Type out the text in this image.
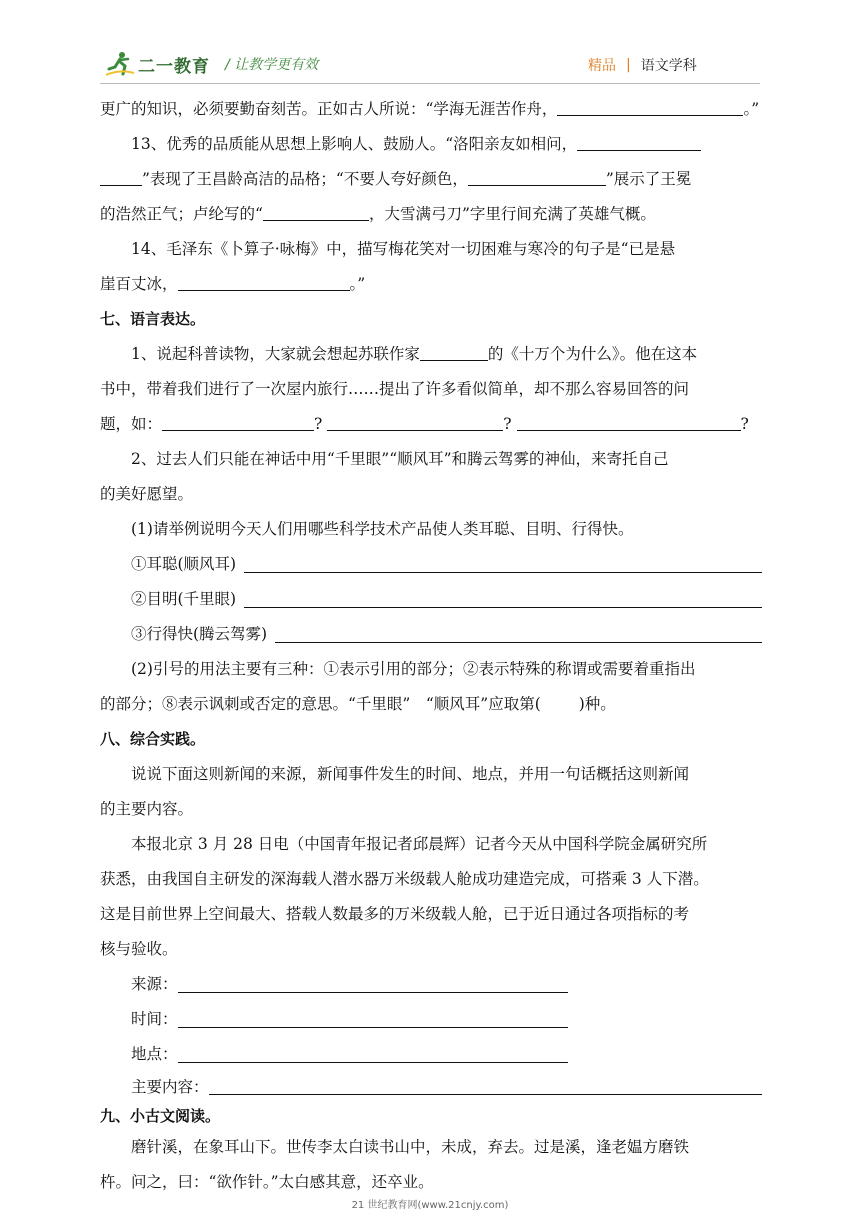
二一教育 / 让教学更有效	精品 | 语文学科

更广的知识，必须要勤奋刻苦。正如古人所说：“学海无涯苦作舟，	。”

13、优秀的品质能从思想上影响人、鼓励人。“洛阳亲友如相问，

”表现了王昌龄高洁的品格；“不要人夸好颜色，	”展示了王冕

的浩然正气；卢纶写的“	，大雪满弓刀”字里行间充满了英雄气概。

14、毛泽东《卜算子·咏梅》中，描写梅花笑对一切困难与寒冷的句子是“已是悬

崖百丈冰，	。”

七、语言表达。

1、说起科普读物，大家就会想起苏联作家	的《十万个为什么》。他在这本

书中，带着我们进行了一次屋内旅行……提出了许多看似简单，却不那么容易回答的问

题，如：	?	?	?

2、过去人们只能在神话中用“千里眼”“顺风耳”和腾云驾雾的神仙，来寄托自己

的美好愿望。

(1)请举例说明今天人们用哪些科学技术产品使人类耳聪、目明、行得快。

①耳聪(顺风耳)
②目明(千里眼)
③行得快(腾云驾雾)

(2)引号的用法主要有三种：①表示引用的部分；②表示特殊的称谓或需要着重指出

的部分；⑧表示讽刺或否定的意思。“千里眼”　“顺风耳”应取第( )种。

八、综合实践。

说说下面这则新闻的来源，新闻事件发生的时间、地点，并用一句话概括这则新闻

的主要内容。

本报北京 3 月 28 日电（中国青年报记者邱晨辉）记者今天从中国科学院金属研究所

获悉，由我国自主研发的深海载人潜水器万米级载人舱成功建造完成，可搭乘 3 人下潜。

这是目前世界上空间最大、搭载人数最多的万米级载人舱，已于近日通过各项指标的考

核与验收。

来源：
时间：
地点：
主要内容：

九、小古文阅读。

磨针溪，在象耳山下。世传李太白读书山中，未成，弃去。过是溪，逢老媪方磨铁

杵。问之，曰：“欲作针。”太白感其意，还卒业。

21 世纪教育网(www.21cnjy.com)
